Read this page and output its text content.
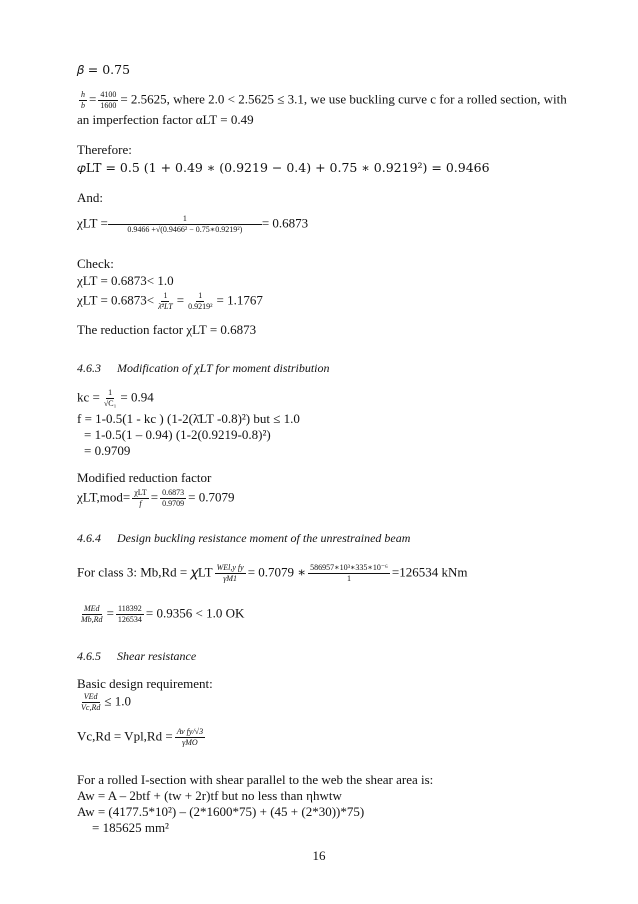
𝛽 = 0.75
$\frac{h}{b} = \frac{4100}{1600} = 2.5625$, where 2.0 < 2.5625 ≤ 3.1, we use buckling curve c for a rolled section, with
an imperfection factor αLT = 0.49
Therefore:
𝜑LT = 0.5 (1 + 0.49 ∗ (0.9219 − 0.4) + 0.75 ∗ 0.9219²) = 0.9466
And:
$\chi LT = \frac{1}{\text{0.9466 +√(0.9466² − 0.75∗0.9219²)}} = 0.6873$
Check:
χLT = 0.6873< 1.0
$\chi LT = 0.6873< \frac{1}{\text{λ̄²LT}} = \frac{1}{\text{0.9219²}} = 1.1767$
The reduction factor χLT = 0.6873
4.6.3 Modification of χLT for moment distribution
kc = $\frac{1}{\text{√C₁}} = 0.94$
f = 1-0.5(1 - kc ) (1-2(λ̄LT -0.8)²) but ≤ 1.0
= 1-0.5(1 – 0.94) (1-2(0.9219-0.8)²)
= 0.9709
Modified reduction factor
$\chi LT,mod= \frac{\text{χLT}}{f} = \frac{0.6873}{0.9709} = 0.7079$
4.6.4 Design buckling resistance moment of the unrestrained beam
For class 3: Mb,Rd = 𝜒LT $\frac{\text{WEl,y fy}}{\gamma M1} = 0.7079$ ∗ $\frac{\text{586957∗10³∗335∗10⁻⁶}}{1} =126534$ kNm
$\frac{\text{MEd}}{Mb,Rd} = \frac{118392}{126534} = 0.9356 < 1.0$ OK
4.6.5 Shear resistance
Basic design requirement:
$\frac{\text{VEd}}{Vc,Rd} \le 1.0$
$Vc,Rd = Vpl,Rd = \frac{\text{Av fy/√3}}{\text{γMO}}$
For a rolled I-section with shear parallel to the web the shear area is:
Aw = A – 2btf + (tw + 2r)tf but no less than ηhwtw
Aw = (4177.5*10²) – (2*1600*75) + (45 + (2*30))*75)
= 185625 mm²
16
